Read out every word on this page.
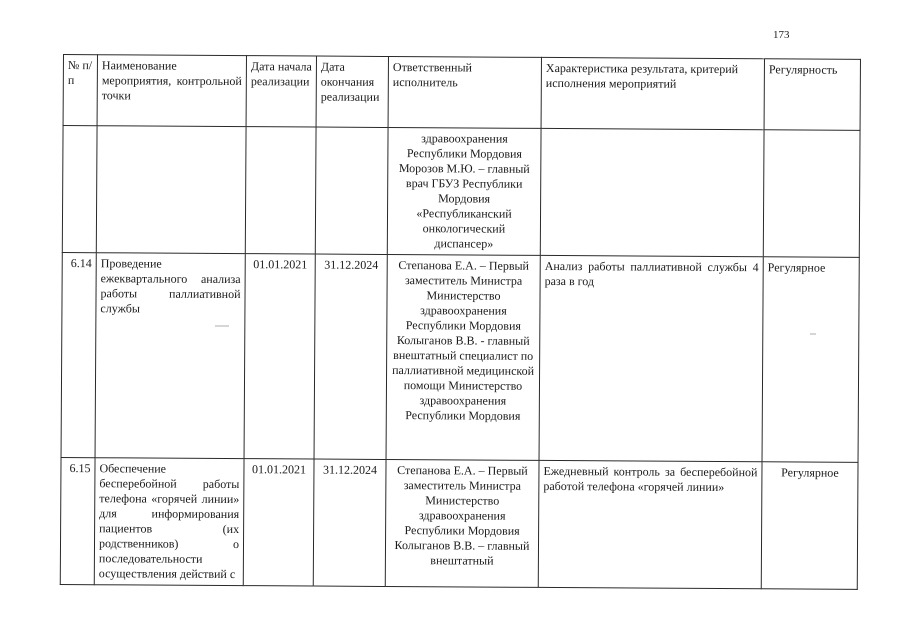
173
№ п/п	Наименование мероприятия, контрольной точки	Дата начала реализации	Дата окончания реализации	Ответственный исполнитель	Характеристика результата, критерий исполнения мероприятий	Регулярность
				здравоохранения Республики Мордовия Морозов М.Ю. – главный врач ГБУЗ Республики Мордовия «Республиканский онкологический диспансер»		
6.14	Проведение ежеквартального анализа работы паллиативной службы	01.01.2021	31.12.2024	Степанова Е.А. – Первый заместитель Министра Министерство здравоохранения Республики Мордовия Колыганов В.В. - главный внештатный специалист по паллиативной медицинской помощи Министерство здравоохранения Республики Мордовия	Анализ работы паллиативной службы 4 раза в год	Регулярное
6.15	Обеспечение бесперебойной работы телефона «горячей линии» для информирования пациентов (их родственников) о последовательности осуществления действий с	01.01.2021	31.12.2024	Степанова Е.А. – Первый заместитель Министра Министерство здравоохранения Республики Мордовия Колыганов В.В. – главный внештатный	Ежедневный контроль за бесперебойной работой телефона «горячей линии»	Регулярное
